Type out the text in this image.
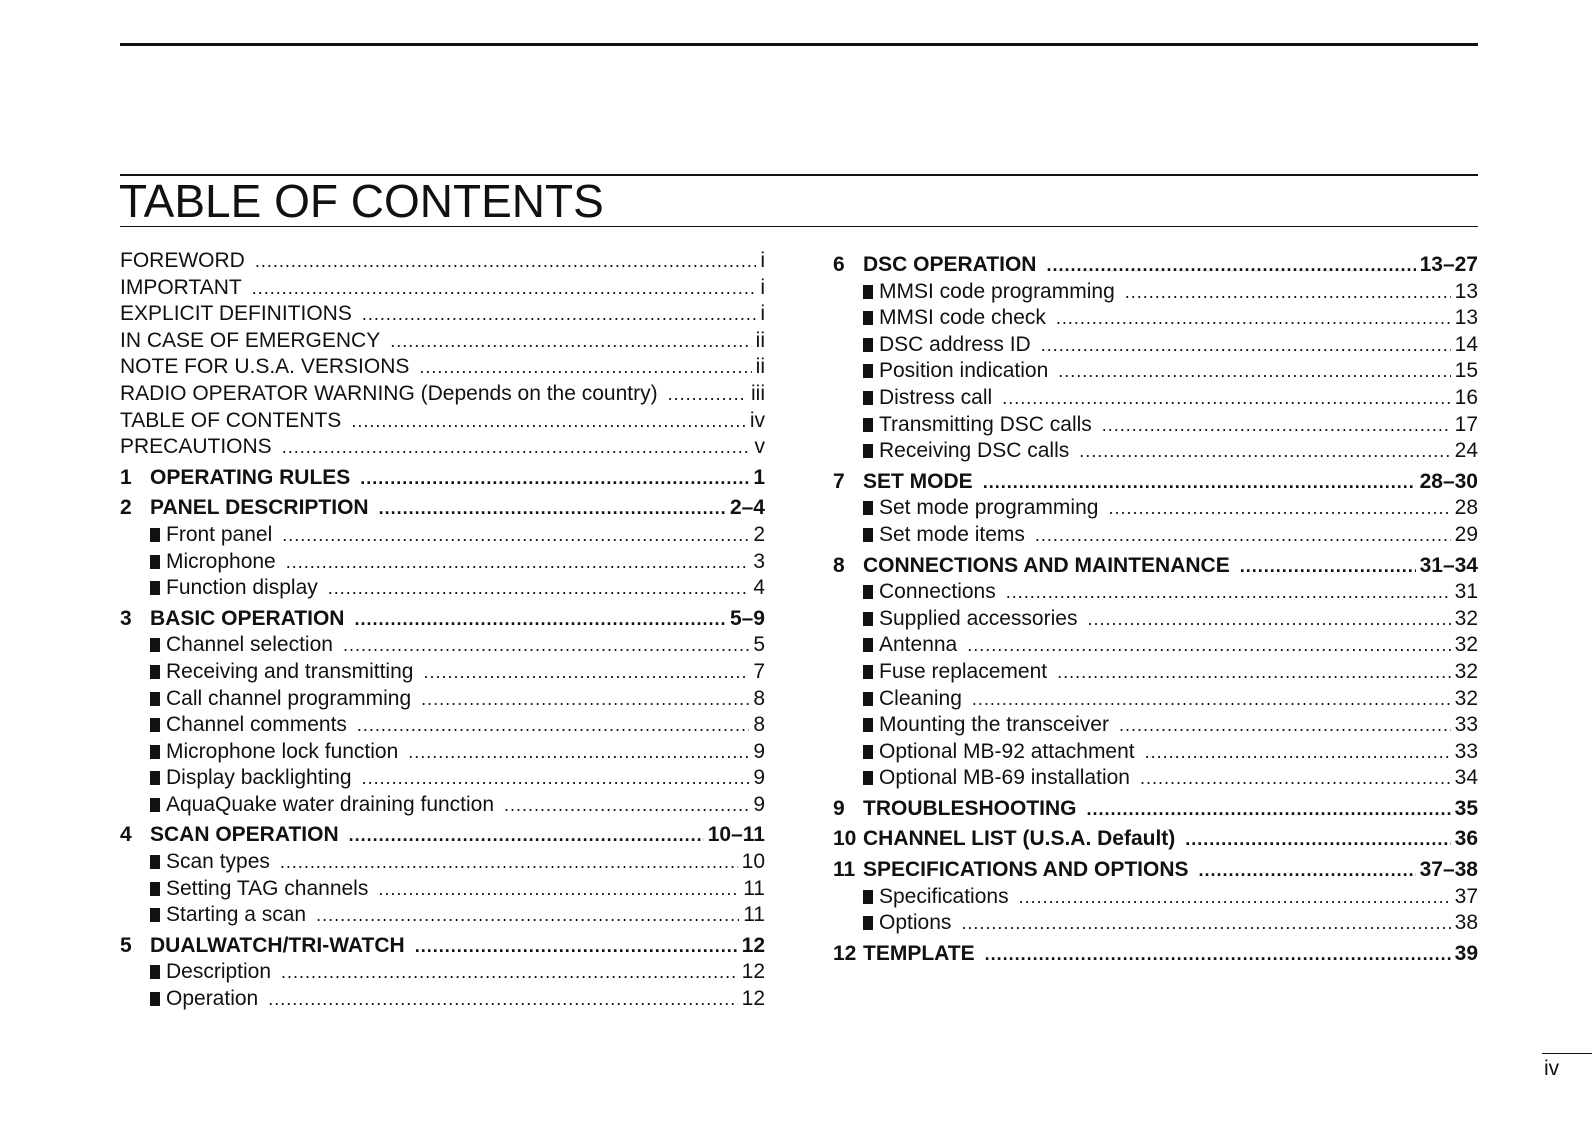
TABLE OF CONTENTS
FOREWORD .....	i
IMPORTANT .....	i
EXPLICIT DEFINITIONS .....	i
IN CASE OF EMERGENCY .....	ii
NOTE FOR U.S.A. VERSIONS .....	ii
RADIO OPERATOR WARNING (Depends on the country) .....	iii
TABLE OF CONTENTS .....	iv
PRECAUTIONS .....	v
1 OPERATING RULES .....	1
2 PANEL DESCRIPTION .....	2–4
Front panel .....	2
Microphone .....	3
Function display .....	4
3 BASIC OPERATION .....	5–9
Channel selection .....	5
Receiving and transmitting .....	7
Call channel programming .....	8
Channel comments .....	8
Microphone lock function .....	9
Display backlighting .....	9
AquaQuake water draining function .....	9
4 SCAN OPERATION .....	10–11
Scan types .....	10
Setting TAG channels .....	11
Starting a scan .....	11
5 DUALWATCH/TRI-WATCH .....	12
Description .....	12
Operation .....	12
6 DSC OPERATION .....	13–27
MMSI code programming .....	13
MMSI code check .....	13
DSC address ID .....	14
Position indication .....	15
Distress call .....	16
Transmitting DSC calls .....	17
Receiving DSC calls .....	24
7 SET MODE .....	28–30
Set mode programming .....	28
Set mode items .....	29
8 CONNECTIONS AND MAINTENANCE .....	31–34
Connections .....	31
Supplied accessories .....	32
Antenna .....	32
Fuse replacement .....	32
Cleaning .....	32
Mounting the transceiver .....	33
Optional MB-92 attachment .....	33
Optional MB-69 installation .....	34
9 TROUBLESHOOTING .....	35
10 CHANNEL LIST (U.S.A. Default) .....	36
11 SPECIFICATIONS AND OPTIONS .....	37–38
Specifications .....	37
Options .....	38
12 TEMPLATE .....	39
iv
